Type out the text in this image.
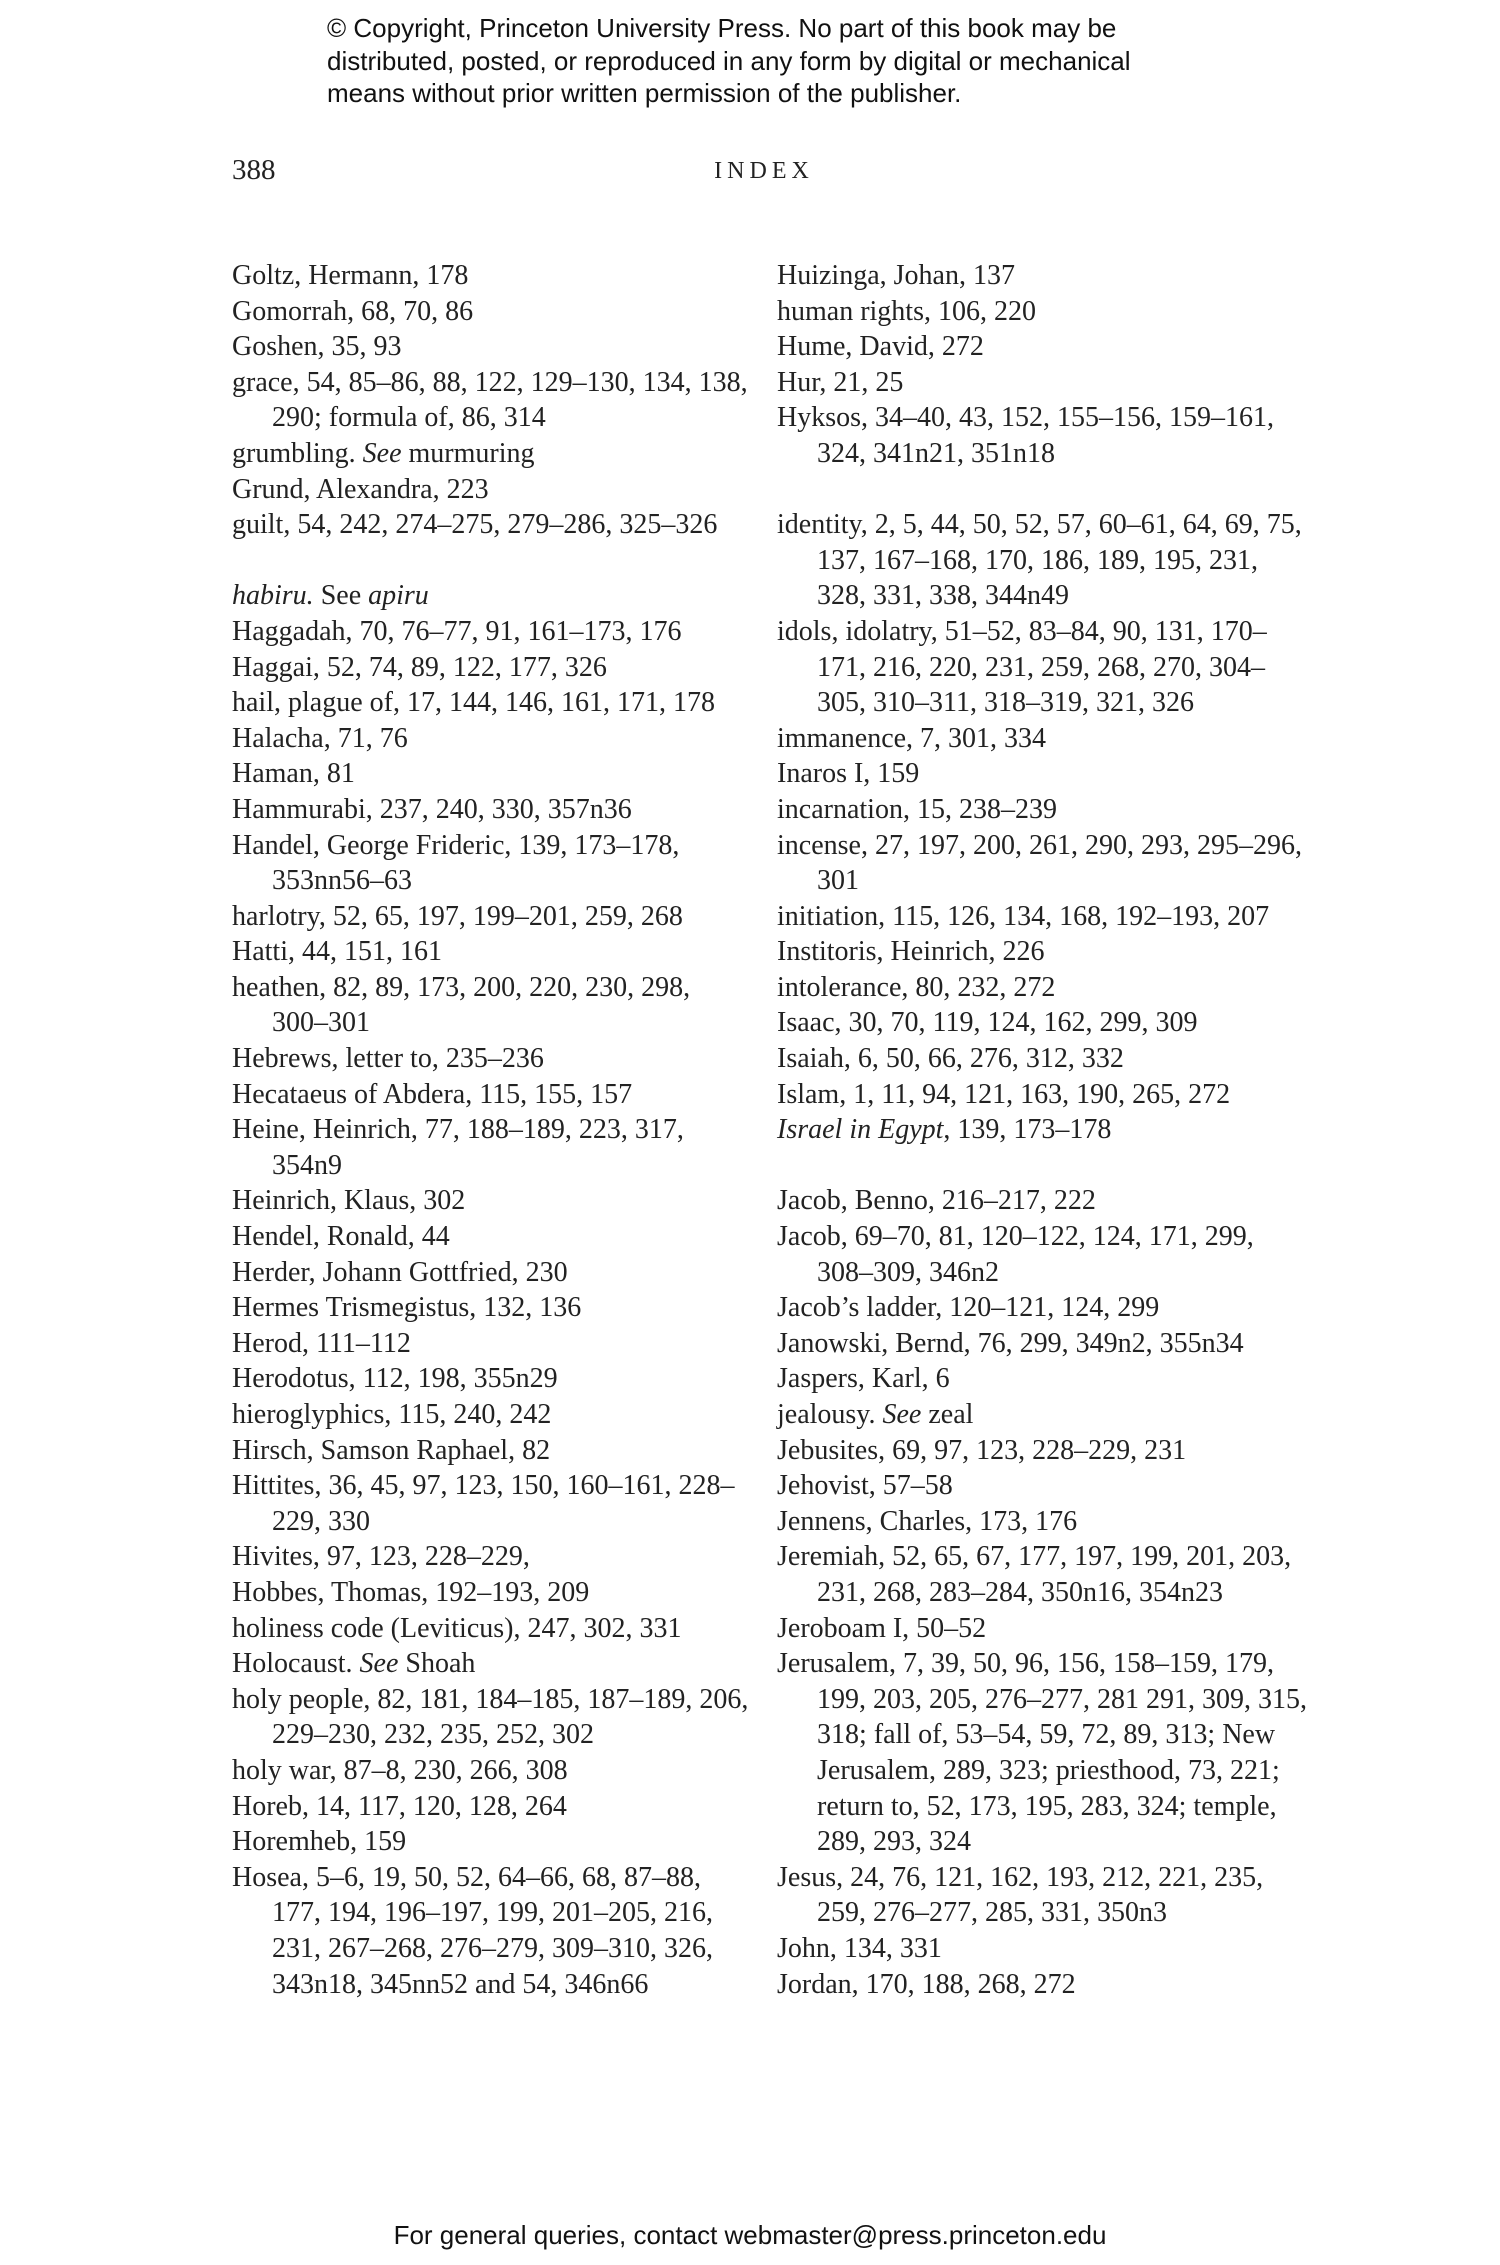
© Copyright, Princeton University Press. No part of this book may be
distributed, posted, or reproduced in any form by digital or mechanical
means without prior written permission of the publisher.
388	INDEX
Goltz, Hermann, 178
Gomorrah, 68, 70, 86
Goshen, 35, 93
grace, 54, 85–86, 88, 122, 129–130, 134, 138, 290; formula of, 86, 314
grumbling. See murmuring
Grund, Alexandra, 223
guilt, 54, 242, 274–275, 279–286, 325–326
habiru. See apiru
Haggadah, 70, 76–77, 91, 161–173, 176
Haggai, 52, 74, 89, 122, 177, 326
hail, plague of, 17, 144, 146, 161, 171, 178
Halacha, 71, 76
Haman, 81
Hammurabi, 237, 240, 330, 357n36
Handel, George Frideric, 139, 173–178, 353nn56–63
harlotry, 52, 65, 197, 199–201, 259, 268
Hatti, 44, 151, 161
heathen, 82, 89, 173, 200, 220, 230, 298, 300–301
Hebrews, letter to, 235–236
Hecataeus of Abdera, 115, 155, 157
Heine, Heinrich, 77, 188–189, 223, 317, 354n9
Heinrich, Klaus, 302
Hendel, Ronald, 44
Herder, Johann Gottfried, 230
Hermes Trismegistus, 132, 136
Herod, 111–112
Herodotus, 112, 198, 355n29
hieroglyphics, 115, 240, 242
Hirsch, Samson Raphael, 82
Hittites, 36, 45, 97, 123, 150, 160–161, 228–229, 330
Hivites, 97, 123, 228–229,
Hobbes, Thomas, 192–193, 209
holiness code (Leviticus), 247, 302, 331
Holocaust. See Shoah
holy people, 82, 181, 184–185, 187–189, 206, 229–230, 232, 235, 252, 302
holy war, 87–8, 230, 266, 308
Horeb, 14, 117, 120, 128, 264
Horemheb, 159
Hosea, 5–6, 19, 50, 52, 64–66, 68, 87–88, 177, 194, 196–197, 199, 201–205, 216, 231, 267–268, 276–279, 309–310, 326, 343n18, 345nn52 and 54, 346n66
Huizinga, Johan, 137
human rights, 106, 220
Hume, David, 272
Hur, 21, 25
Hyksos, 34–40, 43, 152, 155–156, 159–161, 324, 341n21, 351n18
identity, 2, 5, 44, 50, 52, 57, 60–61, 64, 69, 75, 137, 167–168, 170, 186, 189, 195, 231, 328, 331, 338, 344n49
idols, idolatry, 51–52, 83–84, 90, 131, 170–171, 216, 220, 231, 259, 268, 270, 304–305, 310–311, 318–319, 321, 326
immanence, 7, 301, 334
Inaros I, 159
incarnation, 15, 238–239
incense, 27, 197, 200, 261, 290, 293, 295–296, 301
initiation, 115, 126, 134, 168, 192–193, 207
Institoris, Heinrich, 226
intolerance, 80, 232, 272
Isaac, 30, 70, 119, 124, 162, 299, 309
Isaiah, 6, 50, 66, 276, 312, 332
Islam, 1, 11, 94, 121, 163, 190, 265, 272
Israel in Egypt, 139, 173–178
Jacob, Benno, 216–217, 222
Jacob, 69–70, 81, 120–122, 124, 171, 299, 308–309, 346n2
Jacob’s ladder, 120–121, 124, 299
Janowski, Bernd, 76, 299, 349n2, 355n34
Jaspers, Karl, 6
jealousy. See zeal
Jebusites, 69, 97, 123, 228–229, 231
Jehovist, 57–58
Jennens, Charles, 173, 176
Jeremiah, 52, 65, 67, 177, 197, 199, 201, 203, 231, 268, 283–284, 350n16, 354n23
Jeroboam I, 50–52
Jerusalem, 7, 39, 50, 96, 156, 158–159, 179, 199, 203, 205, 276–277, 281 291, 309, 315, 318; fall of, 53–54, 59, 72, 89, 313; New Jerusalem, 289, 323; priesthood, 73, 221; return to, 52, 173, 195, 283, 324; temple, 289, 293, 324
Jesus, 24, 76, 121, 162, 193, 212, 221, 235, 259, 276–277, 285, 331, 350n3
John, 134, 331
Jordan, 170, 188, 268, 272
For general queries, contact webmaster@press.princeton.edu
